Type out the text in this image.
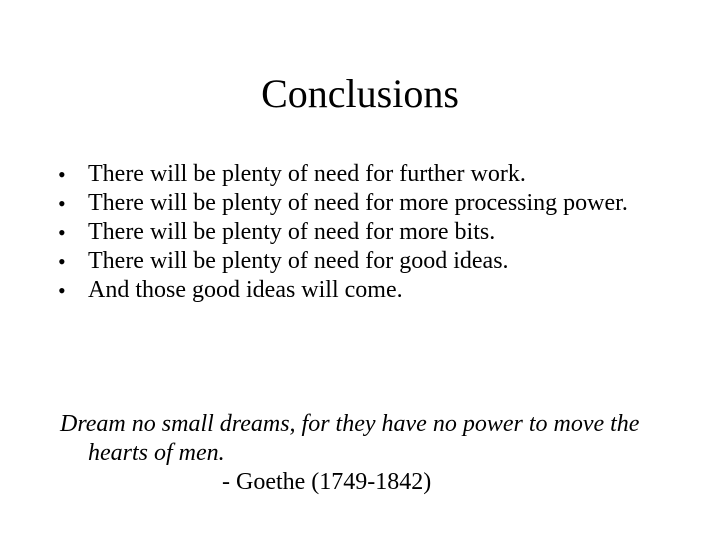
Conclusions
• There will be plenty of need for further work.
• There will be plenty of need for more processing power.
• There will be plenty of need for more bits.
• There will be plenty of need for good ideas.
• And those good ideas will come.

Dream no small dreams, for they have no power to move the hearts of men.

- Goethe (1749-1842)
